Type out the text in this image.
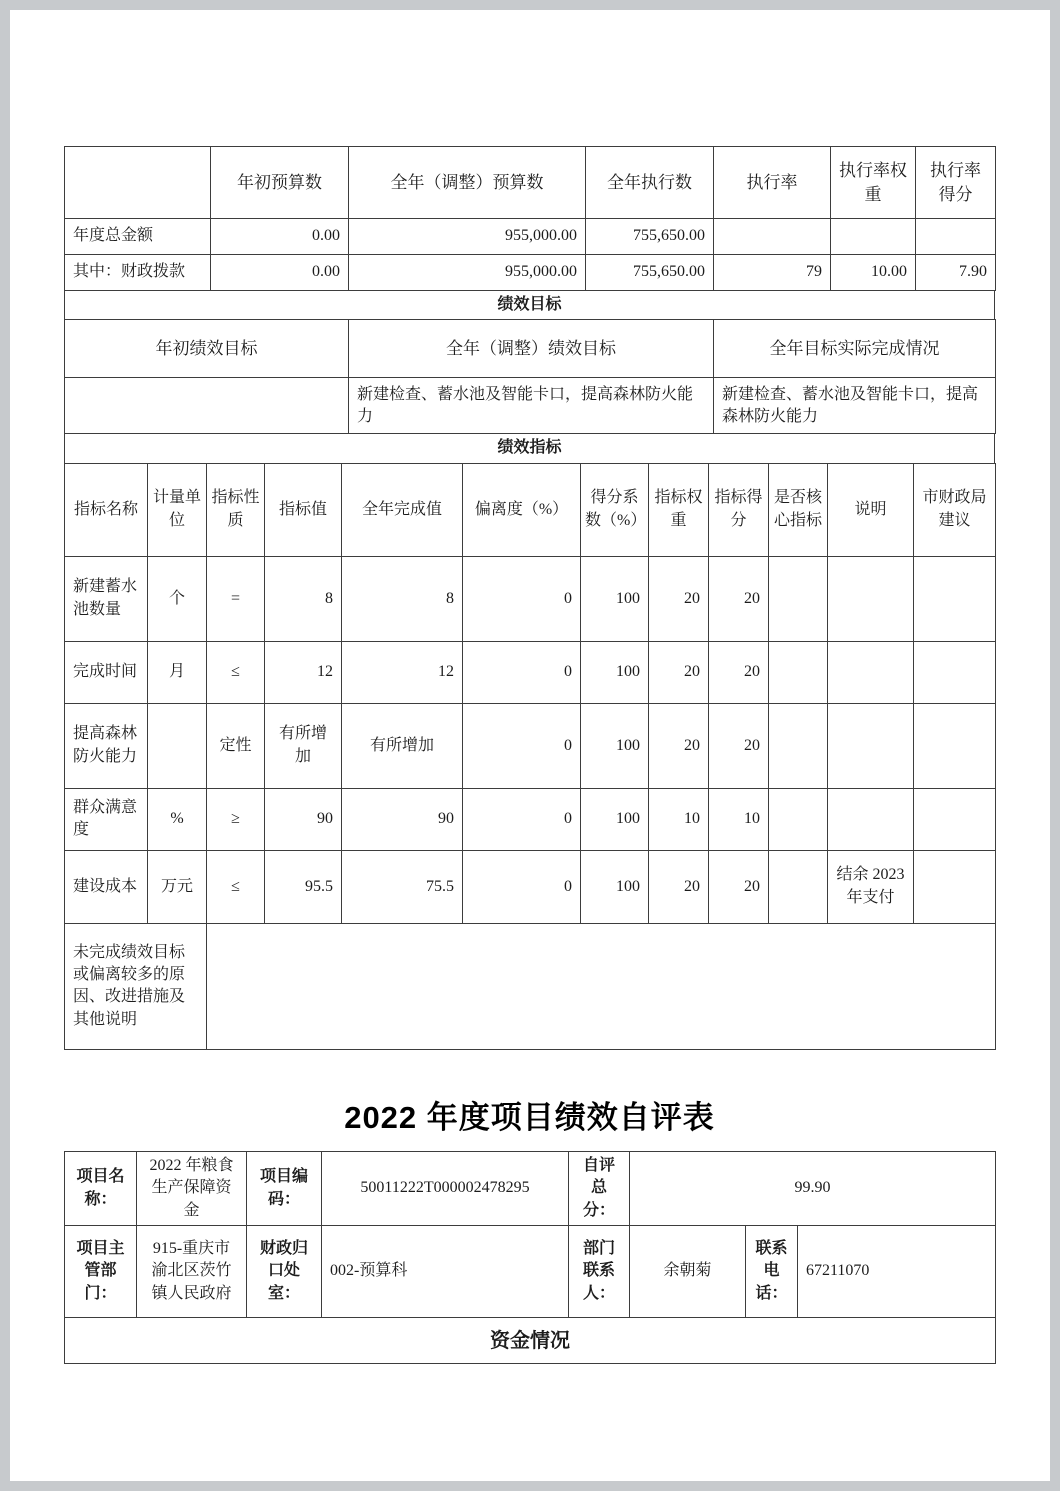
	年初预算数	全年（调整）预算数	全年执行数	执行率	执行率权重	执行率得分
年度总金额	0.00	955,000.00	755,650.00			
其中：财政拨款	0.00	955,000.00	755,650.00	79	10.00	7.90
绩效目标
年初绩效目标	全年（调整）绩效目标	全年目标实际完成情况
	新建检查、蓄水池及智能卡口，提高森林防火能力	新建检查、蓄水池及智能卡口，提高森林防火能力
绩效指标
指标名称	计量单位	指标性质	指标值	全年完成值	偏离度（%）	得分系数（%）	指标权重	指标得分	是否核心指标	说明	市财政局建议
新建蓄水池数量	个	=	8	8	0	100	20	20			
完成时间	月	≤	12	12	0	100	20	20			
提高森林防火能力		定性	有所增加	有所增加	0	100	20	20			
群众满意度	%	≥	90	90	0	100	10	10			
建设成本	万元	≤	95.5	75.5	0	100	20	20		结余 2023 年支付	
未完成绩效目标或偏离较多的原因、改进措施及其他说明											
2022 年度项目绩效自评表
项目名称：	2022 年粮食生产保障资金	项目编码：	50011222T000002478295	自评总分：	99.90		
项目主管部门：	915-重庆市渝北区茨竹镇人民政府	财政归口处室：	002-预算科	部门联系人：	余朝菊	联系电话：	67211070
资金情况							
